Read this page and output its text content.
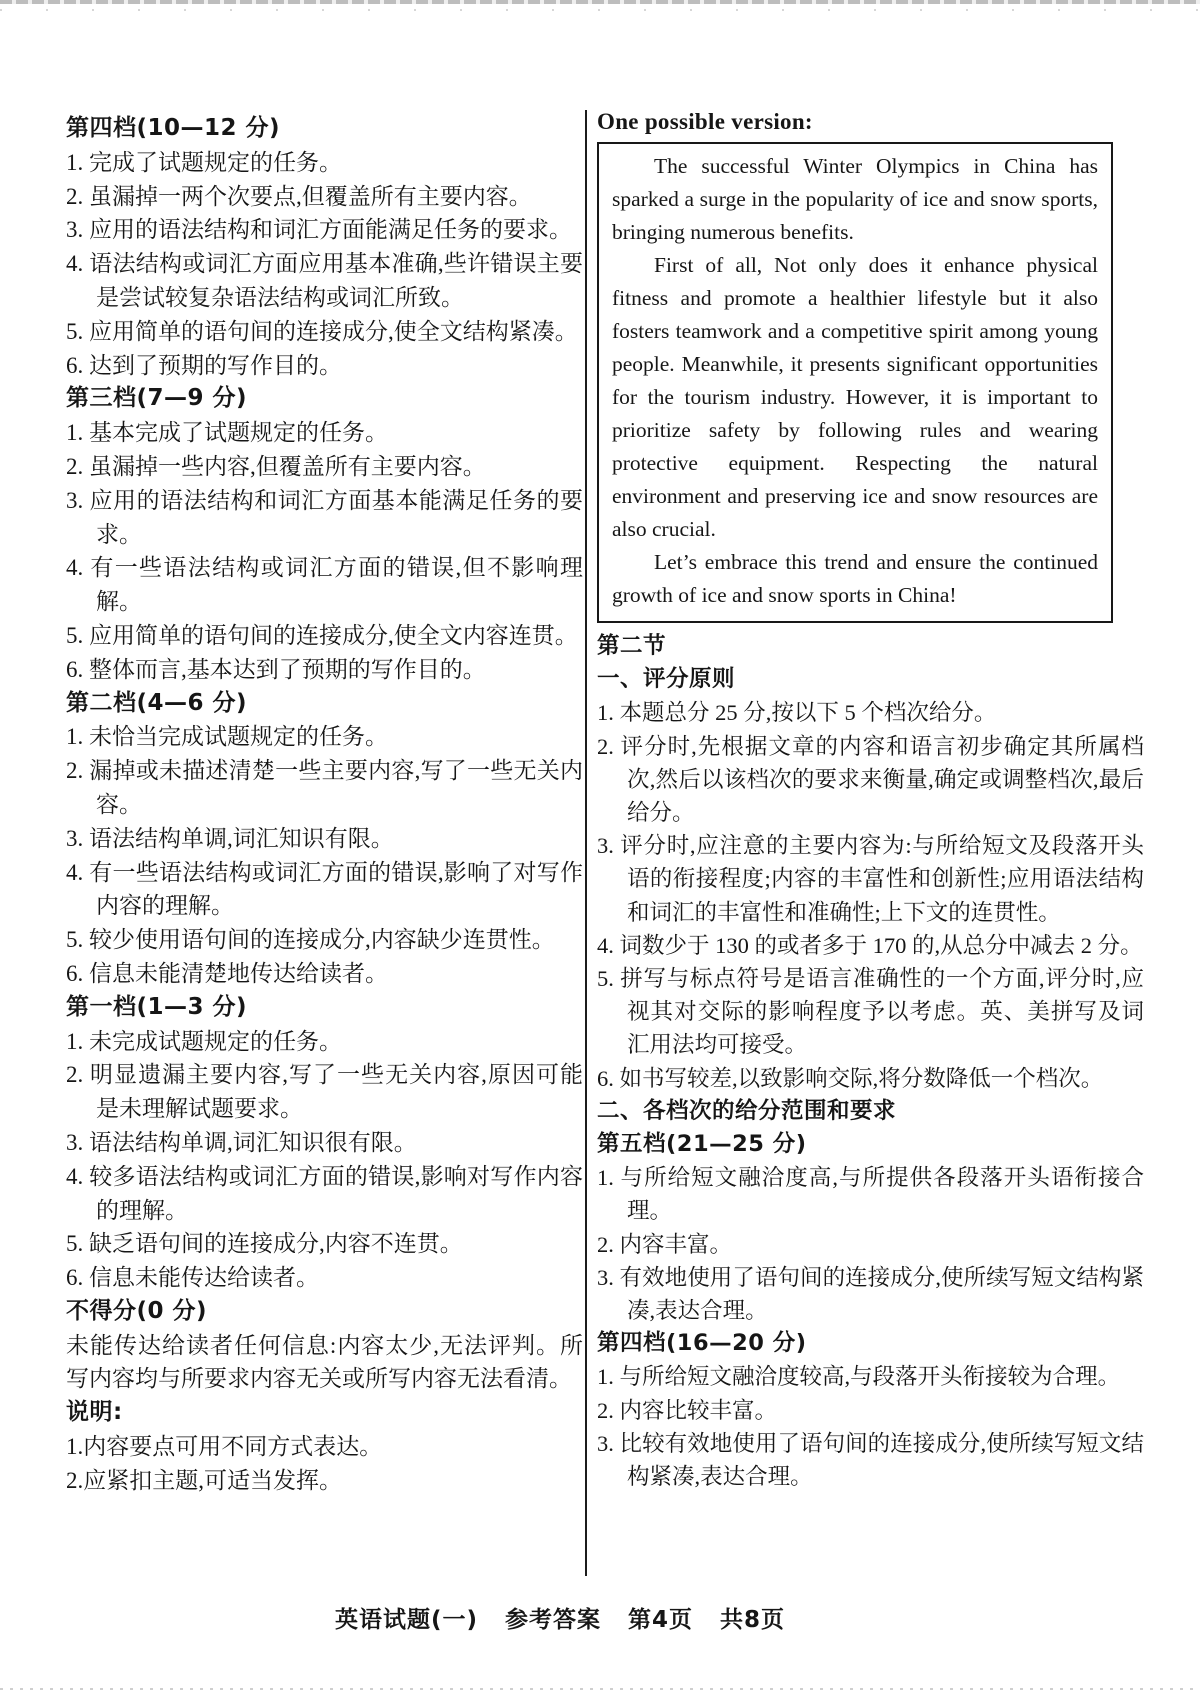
第四档(10—12 分)
1. 完成了试题规定的任务。
2. 虽漏掉一两个次要点,但覆盖所有主要内容。
3. 应用的语法结构和词汇方面能满足任务的要求。
4. 语法结构或词汇方面应用基本准确,些许错误主要是尝试较复杂语法结构或词汇所致。
5. 应用简单的语句间的连接成分,使全文结构紧凑。
6. 达到了预期的写作目的。
第三档(7—9 分)
1. 基本完成了试题规定的任务。
2. 虽漏掉一些内容,但覆盖所有主要内容。
3. 应用的语法结构和词汇方面基本能满足任务的要求。
4. 有一些语法结构或词汇方面的错误,但不影响理解。
5. 应用简单的语句间的连接成分,使全文内容连贯。
6. 整体而言,基本达到了预期的写作目的。
第二档(4—6 分)
1. 未恰当完成试题规定的任务。
2. 漏掉或未描述清楚一些主要内容,写了一些无关内容。
3. 语法结构单调,词汇知识有限。
4. 有一些语法结构或词汇方面的错误,影响了对写作内容的理解。
5. 较少使用语句间的连接成分,内容缺少连贯性。
6. 信息未能清楚地传达给读者。
第一档(1—3 分)
1. 未完成试题规定的任务。
2. 明显遗漏主要内容,写了一些无关内容,原因可能是未理解试题要求。
3. 语法结构单调,词汇知识很有限。
4. 较多语法结构或词汇方面的错误,影响对写作内容的理解。
5. 缺乏语句间的连接成分,内容不连贯。
6. 信息未能传达给读者。
不得分(0 分)
未能传达给读者任何信息:内容太少,无法评判。所写内容均与所要求内容无关或所写内容无法看清。
说明:
1.内容要点可用不同方式表达。
2.应紧扣主题,可适当发挥。
One possible version:

The successful Winter Olympics in China has sparked a surge in the popularity of ice and snow sports, bringing numerous benefits.

First of all, Not only does it enhance physical fitness and promote a healthier lifestyle but it also fosters teamwork and a competitive spirit among young people. Meanwhile, it presents significant opportunities for the tourism industry. However, it is important to prioritize safety by following rules and wearing protective equipment. Respecting the natural environment and preserving ice and snow resources are also crucial.

Let’s embrace this trend and ensure the continued growth of ice and snow sports in China!

第二节
一、评分原则
1. 本题总分 25 分,按以下 5 个档次给分。
2. 评分时,先根据文章的内容和语言初步确定其所属档次,然后以该档次的要求来衡量,确定或调整档次,最后给分。
3. 评分时,应注意的主要内容为:与所给短文及段落开头语的衔接程度;内容的丰富性和创新性;应用语法结构和词汇的丰富性和准确性;上下文的连贯性。
4. 词数少于 130 的或者多于 170 的,从总分中减去 2 分。
5. 拼写与标点符号是语言准确性的一个方面,评分时,应视其对交际的影响程度予以考虑。英、美拼写及词汇用法均可接受。
6. 如书写较差,以致影响交际,将分数降低一个档次。
二、各档次的给分范围和要求
第五档(21—25 分)
1. 与所给短文融洽度高,与所提供各段落开头语衔接合理。
2. 内容丰富。
3. 有效地使用了语句间的连接成分,使所续写短文结构紧凑,表达合理。
第四档(16—20 分)
1. 与所给短文融洽度较高,与段落开头衔接较为合理。
2. 内容比较丰富。
3. 比较有效地使用了语句间的连接成分,使所续写短文结构紧凑,表达合理。
英语试题(一) 参考答案 第4页 共8页
